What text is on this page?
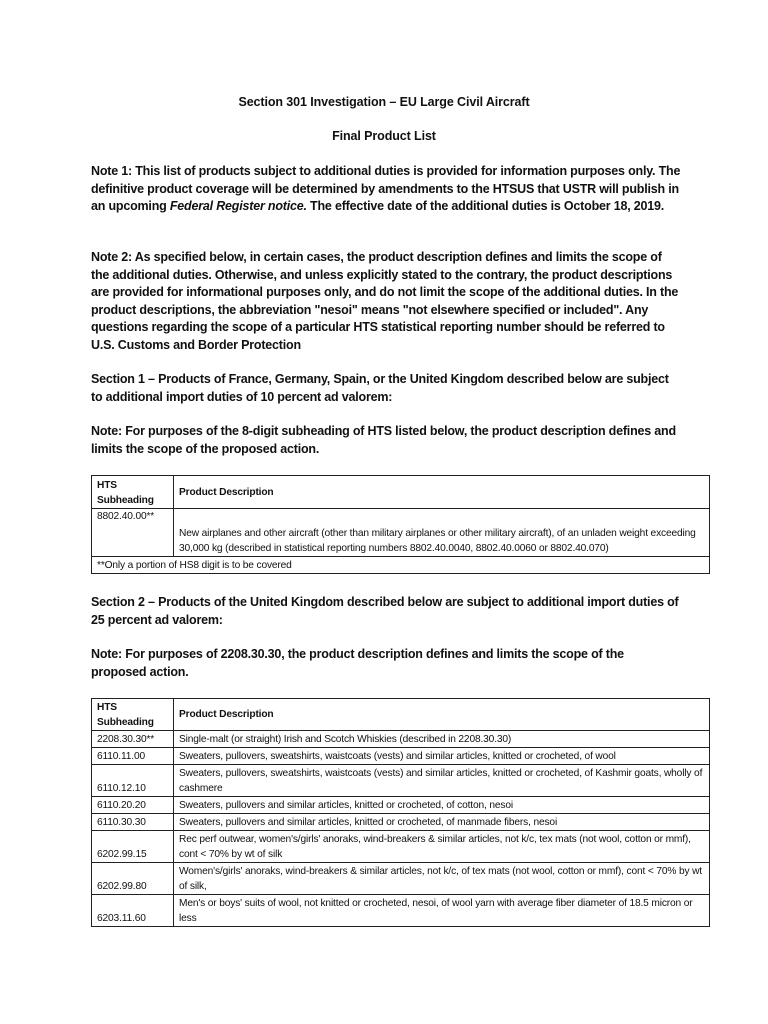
Section 301 Investigation – EU Large Civil Aircraft
Final Product List
Note 1: This list of products subject to additional duties is provided for information purposes only. The definitive product coverage will be determined by amendments to the HTSUS that USTR will publish in an upcoming Federal Register notice. The effective date of the additional duties is October 18, 2019.
Note 2: As specified below, in certain cases, the product description defines and limits the scope of the additional duties. Otherwise, and unless explicitly stated to the contrary, the product descriptions are provided for informational purposes only, and do not limit the scope of the additional duties. In the product descriptions, the abbreviation "nesoi" means "not elsewhere specified or included". Any questions regarding the scope of a particular HTS statistical reporting number should be referred to U.S. Customs and Border Protection
Section 1 – Products of France, Germany, Spain, or the United Kingdom described below are subject to additional import duties of 10 percent ad valorem:
Note: For purposes of the 8-digit subheading of HTS listed below, the product description defines and limits the scope of the proposed action.
HTS
Subheading	Product Description
8802.40.00**	New airplanes and other aircraft (other than military airplanes or other military aircraft), of an unladen weight exceeding 30,000 kg (described in statistical reporting numbers 8802.40.0040, 8802.40.0060 or 8802.40.070)
**Only a portion of HS8 digit is to be covered	
Section 2 – Products of the United Kingdom described below are subject to additional import duties of 25 percent ad valorem:
Note: For purposes of 2208.30.30, the product description defines and limits the scope of the proposed action.
HTS
Subheading	Product Description
2208.30.30**	Single-malt (or straight) Irish and Scotch Whiskies (described in 2208.30.30)
6110.11.00	Sweaters, pullovers, sweatshirts, waistcoats (vests) and similar articles, knitted or crocheted, of wool
6110.12.10	Sweaters, pullovers, sweatshirts, waistcoats (vests) and similar articles, knitted or crocheted, of Kashmir goats, wholly of cashmere
6110.20.20	Sweaters, pullovers and similar articles, knitted or crocheted, of cotton, nesoi
6110.30.30	Sweaters, pullovers and similar articles, knitted or crocheted, of manmade fibers, nesoi
6202.99.15	Rec perf outwear, women's/girls' anoraks, wind-breakers & similar articles, not k/c, tex mats (not wool, cotton or mmf), cont < 70% by wt of silk
6202.99.80	Women's/girls' anoraks, wind-breakers & similar articles, not k/c, of tex mats (not wool, cotton or mmf), cont < 70% by wt of silk,
6203.11.60	Men's or boys' suits of wool, not knitted or crocheted, nesoi, of wool yarn with average fiber diameter of 18.5 micron or less
